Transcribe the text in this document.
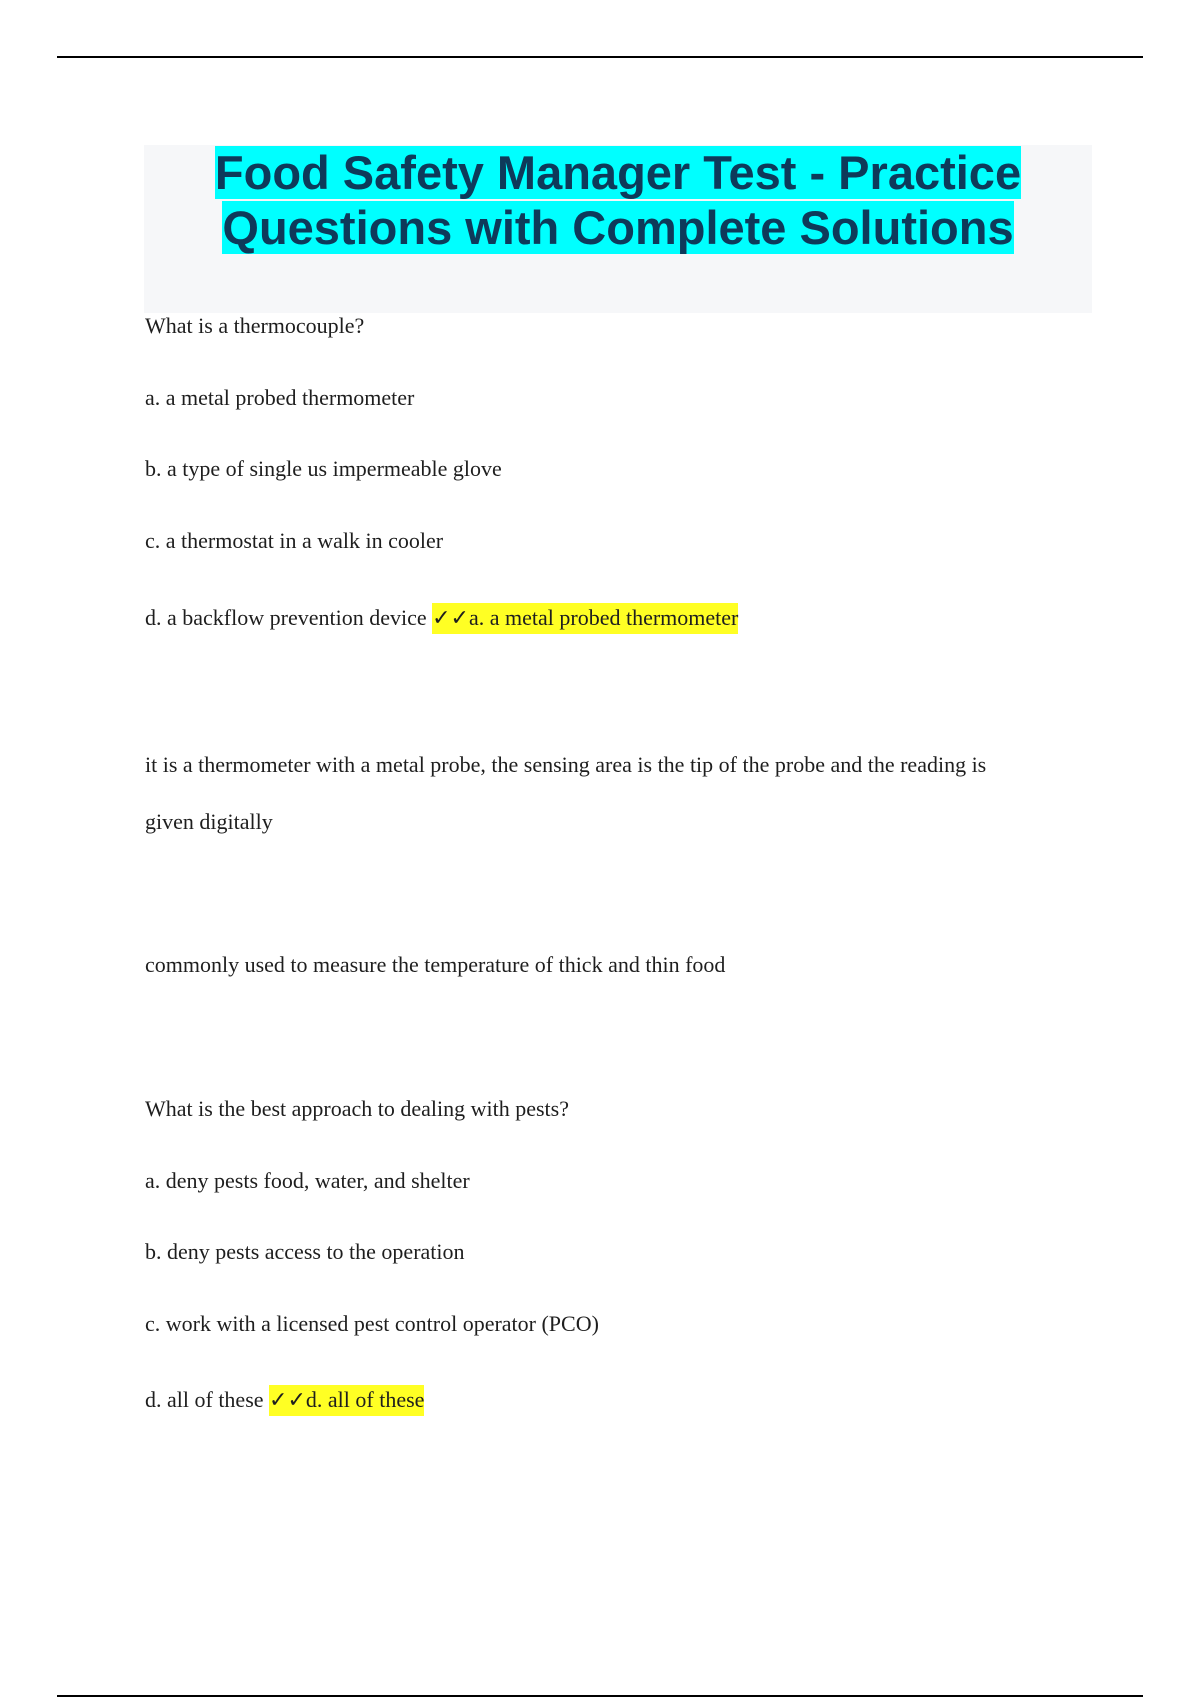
Food Safety Manager Test - Practice
Questions with Complete Solutions
What is a thermocouple?
a. a metal probed thermometer
b. a type of single us impermeable glove
c. a thermostat in a walk in cooler
d. a backflow prevention device ✓✓a. a metal probed thermometer
it is a thermometer with a metal probe, the sensing area is the tip of the probe and the reading is
given digitally
commonly used to measure the temperature of thick and thin food
What is the best approach to dealing with pests?
a. deny pests food, water, and shelter
b. deny pests access to the operation
c. work with a licensed pest control operator (PCO)
d. all of these ✓✓d. all of these
